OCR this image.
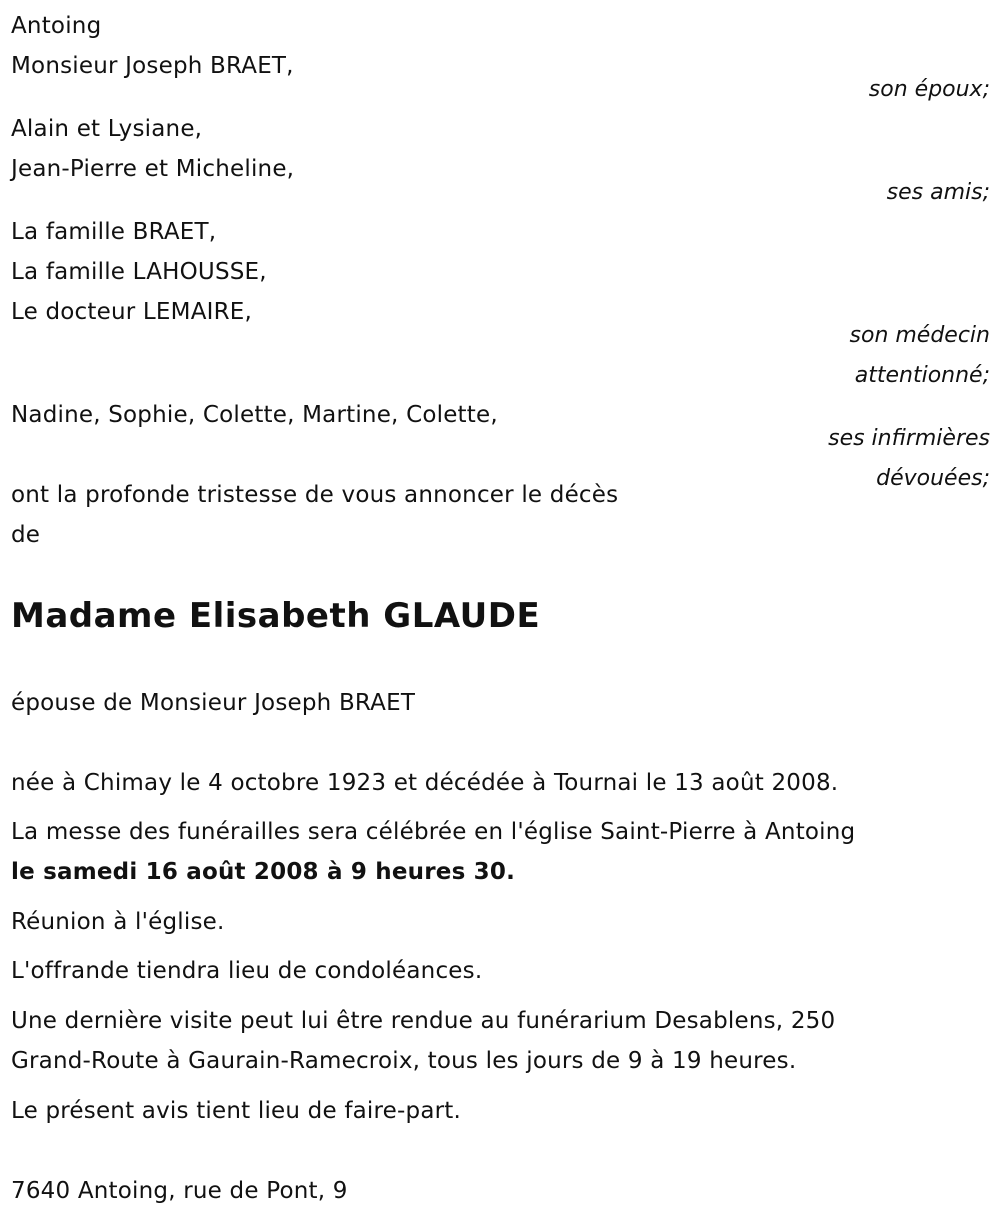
Antoing

Monsieur Joseph BRAET,

son époux;

Alain et Lysiane,

Jean-Pierre et Micheline,

ses amis;

La famille BRAET,

La famille LAHOUSSE,

Le docteur LEMAIRE,

son médecin

attentionné;

Nadine, Sophie, Colette, Martine, Colette,

ses infirmières

dévouées;

ont la profonde tristesse de vous annoncer le décès

de

Madame Elisabeth GLAUDE

épouse de Monsieur Joseph BRAET

née à Chimay le 4 octobre 1923 et décédée à Tournai le 13 août 2008.

La messe des funérailles sera célébrée en l'église Saint-Pierre à Antoing
le samedi 16 août 2008 à 9 heures 30.

Réunion à l'église.

L'offrande tiendra lieu de condoléances.

Une dernière visite peut lui être rendue au funérarium Desablens, 250
Grand-Route à Gaurain-Ramecroix, tous les jours de 9 à 19 heures.

Le présent avis tient lieu de faire-part.

7640 Antoing, rue de Pont, 9
